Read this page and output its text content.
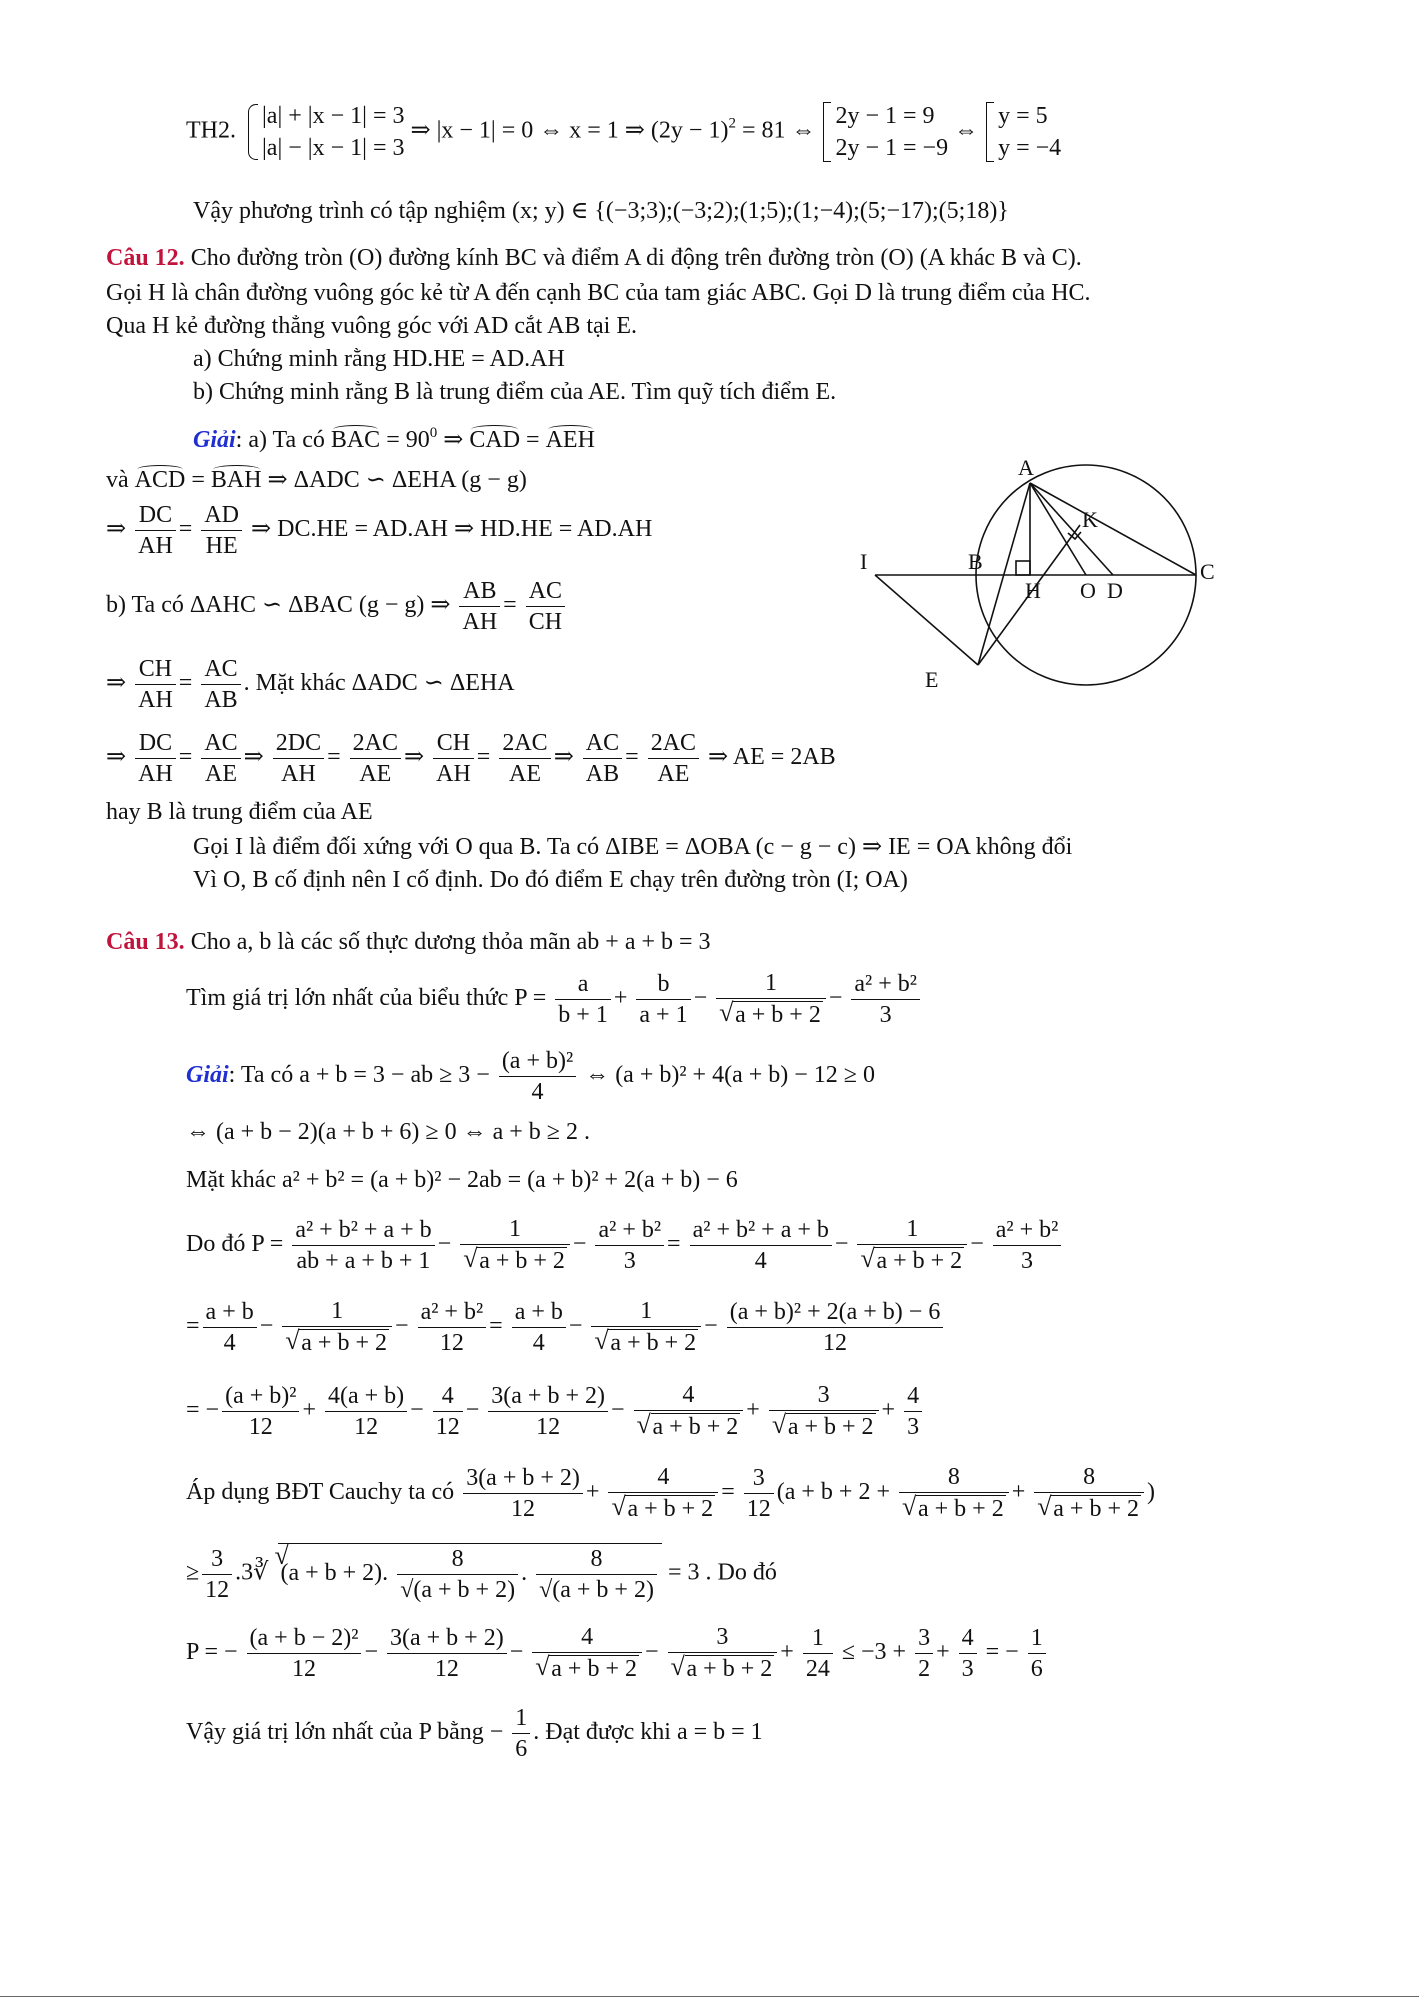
TH2.
|a| + |x − 1| = 3
|a| − |x − 1| = 3
⇒ |x − 1| = 0 ⇔ x = 1 ⇒ $(2y - 1)^2 = 81$ ⇔
2y − 1 = 9
2y − 1 = −9
⇔
y = 5
y = −4
Vậy phương trình có tập nghiệm (x; y) ∈ {(−3;3);(−3;2);(1;5);(1;−4);(5;−17);(5;18)}
Câu 12. Cho đường tròn (O) đường kính BC và điểm A di động trên đường tròn (O) (A khác B và C).
Gọi H là chân đường vuông góc kẻ từ A đến cạnh BC của tam giác ABC. Gọi D là trung điểm của HC.
Qua H kẻ đường thẳng vuông góc với AD cắt AB tại E.
a) Chứng minh rằng HD.HE = AD.AH
b) Chứng minh rằng B là trung điểm của AE. Tìm quỹ tích điểm E.
Giải: a) Ta có BAC = $90^0$ ⇒ CAD = AEH
và ACD = BAH ⇒ ΔADC ∽ ΔEHA (g − g)
⇒ $\frac{DC}{AH} = \frac{AD}{HE}$ ⇒ DC.HE = AD.AH ⇒ HD.HE = AD.AH
b) Ta có ΔAHC ∽ ΔBAC (g − g) ⇒ $\frac{AB}{AH} = \frac{AC}{CH}$
⇒ $\frac{CH}{AH} = \frac{AC}{AB}$ . Mặt khác ΔADC ∽ ΔEHA
⇒ $\frac{DC}{AH} = \frac{AC}{AE}$ ⇒ $\frac{2DC}{AH} = \frac{2AC}{AE}$ ⇒ $\frac{CH}{AH} = \frac{2AC}{AE}$ ⇒ $\frac{AC}{AB} = \frac{2AC}{AE}$ ⇒ AE = 2AB
hay B là trung điểm của AE
Gọi I là điểm đối xứng với O qua B. Ta có ΔIBE = ΔOBA (c − g − c) ⇒ IE = OA không đổi
Vì O, B cố định nên I cố định. Do đó điểm E chạy trên đường tròn (I; OA)
A
K
I	B
H O D
C
E
Câu 13. Cho a, b là các số thực dương thỏa mãn ab + a + b = 3
Tìm giá trị lớn nhất của biểu thức $P = \frac{a}{b + 1} + \frac{b}{a + 1} - 1$
√ $a + b + 2 - \frac{\text{a² + b²}}{3}$
Giải: Ta có a + b = 3 − ab ≥ $3 - \frac{\text{(a + b)²}}{4}$ ⇔ (a + b)² + 4(a + b) − 12 ≥ 0
⇔ (a + b − 2)(a + b + 6) ≥ 0 ⇔ a + b ≥ 2 .
Mặt khác a² + b² = (a + b)² − 2ab = (a + b)² + 2(a + b) − 6
Do đó $P = \frac{\text{a² + b² + a + b}}{ab + a + b + 1} - 1$
√ $a + b + 2 - \frac{\text{a² + b²}}{3} = \frac{\text{a² + b² + a + b}}{4} - 1$
√ $a + b + 2 - \frac{\text{a² + b²}}{3}$
= $\frac{a + b}{4} - 1$
√ $a + b + 2 - \frac{\text{a² + b²}}{12} = \frac{a + b}{4} - 1$
√ $a + b + 2 - \frac{\text{(a + b)² + 2(a + b) − 6}}{12}$
= − $\frac{\text{(a + b)²}}{12} + \frac{4(a + b)}{12} - \frac{4}{12} - \frac{3(a + b + 2)}{12} - 4$
√ a + b + 2 + 3
√ $a + b + 2 + \frac{4}{3}$
Áp dụng BĐT Cauchy ta có $\frac{3(a + b + 2)}{12} + 4$
√ $a + b + 2 = \frac{3}{12} (a + b + 2 + 8$
√ a + b + 2 + 8
√ a + b + 2 )
≥ $\frac{3}{12}$ .3∛ √ (a + b + 2). $\frac{8}{√(a + b + 2)}$ . $\frac{8}{√(a + b + 2)} = 3$ . Do đó
P = − $\frac{\text{(a + b − 2)²}}{12} - \frac{3(a + b + 2)}{12} - 4$
√ a + b + 2 − 3
√ $a + b + 2 + \frac{1}{24} \le -3 + \frac{3}{2} + \frac{4}{3}$ = − $\frac{1}{6}$
Vậy giá trị lớn nhất của P bằng − $\frac{1}{6}$ . Đạt được khi a = b = 1
